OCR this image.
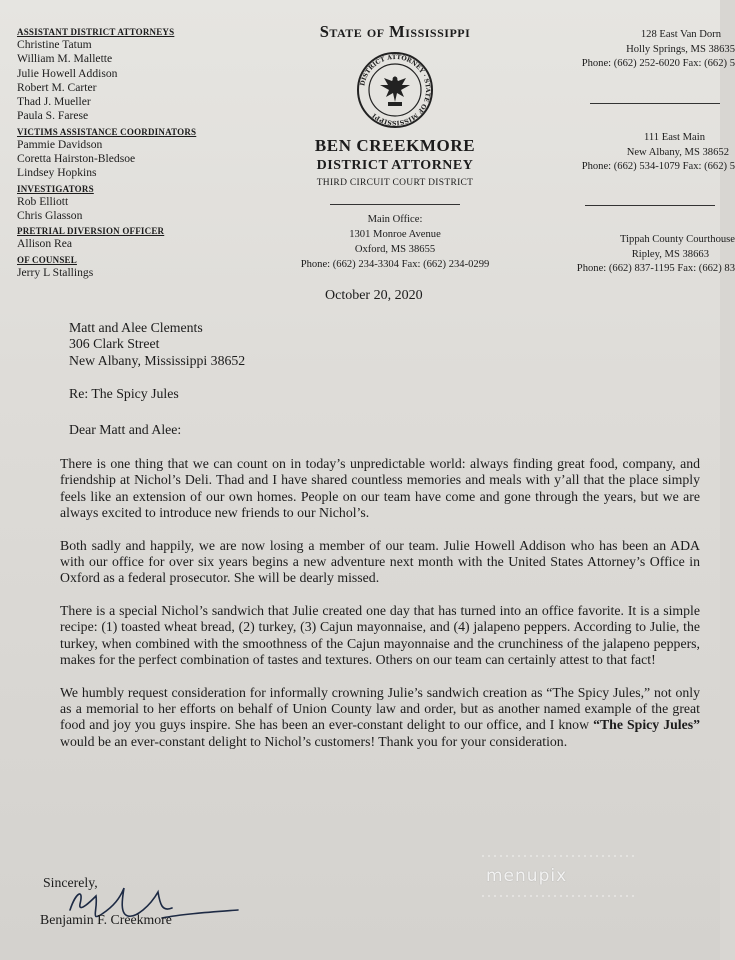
ASSISTANT DISTRICT ATTORNEYS
Christine Tatum
William M. Mallette
Julie Howell Addison
Robert M. Carter
Thad J. Mueller
Paula S. Farese
VICTIMS ASSISTANCE COORDINATORS
Pammie Davidson
Coretta Hairston-Bledsoe
Lindsey Hopkins
INVESTIGATORS
Rob Elliott
Chris Glasson
PRETRIAL DIVERSION OFFICER
Allison Rea
OF COUNSEL
Jerry L Stallings
State of Mississippi
DISTRICT ATTORNEY · STATE OF MISSISSIPPI
BEN CREEKMORE
DISTRICT ATTORNEY
THIRD CIRCUIT COURT DISTRICT
Main Office:
1301 Monroe Avenue
Oxford, MS 38655
Phone: (662) 234-3304 Fax: (662) 234-0299
128 East Van Dorn
Holly Springs, MS 38635
Phone: (662) 252-6020 Fax: (662) 5
111 East Main
New Albany, MS 38652
Phone: (662) 534-1079 Fax: (662) 5
Tippah County Courthouse
Ripley, MS 38663
Phone: (662) 837-1195 Fax: (662) 83
October 20, 2020
Matt and Alee Clements
306 Clark Street
New Albany, Mississippi 38652
Re: The Spicy Jules
Dear Matt and Alee:
There is one thing that we can count on in today’s unpredictable world: always finding great food, company, and friendship at Nichol’s Deli. Thad and I have shared countless memories and meals with y’all that the place simply feels like an extension of our own homes. People on our team have come and gone through the years, but we are always excited to introduce new friends to our Nichol’s.
Both sadly and happily, we are now losing a member of our team. Julie Howell Addison who has been an ADA with our office for over six years begins a new adventure next month with the United States Attorney’s Office in Oxford as a federal prosecutor. She will be dearly missed.
There is a special Nichol’s sandwich that Julie created one day that has turned into an office favorite. It is a simple recipe: (1) toasted wheat bread, (2) turkey, (3) Cajun mayonnaise, and (4) jalapeno peppers. According to Julie, the turkey, when combined with the smoothness of the Cajun mayonnaise and the crunchiness of the jalapeno peppers, makes for the perfect combination of tastes and textures. Others on our team can certainly attest to that fact!
We humbly request consideration for informally crowning Julie’s sandwich creation as “The Spicy Jules,” not only as a memorial to her efforts on behalf of Union County law and order, but as another named example of the great food and joy you guys inspire. She has been an ever-constant delight to our office, and I know “The Spicy Jules” would be an ever-constant delight to Nichol’s customers! Thank you for your consideration.
Sincerely,
Benjamin F. Creekmore
menupix
